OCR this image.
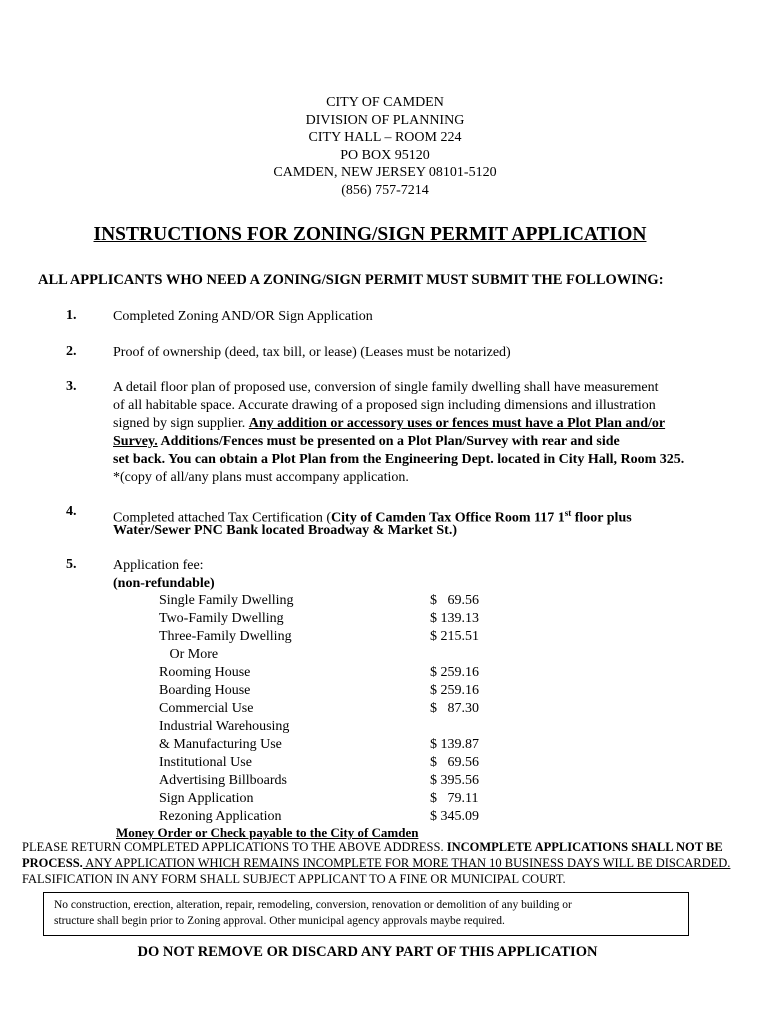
CITY OF CAMDEN
DIVISION OF PLANNING
CITY HALL – ROOM 224
PO BOX 95120
CAMDEN, NEW JERSEY 08101-5120
(856) 757-7214
INSTRUCTIONS FOR ZONING/SIGN PERMIT APPLICATION
ALL APPLICANTS WHO NEED A ZONING/SIGN PERMIT MUST SUBMIT THE FOLLOWING:
1.	Completed Zoning AND/OR Sign Application
2.	Proof of ownership (deed, tax bill, or lease) (Leases must be notarized)
3.	A detail floor plan of proposed use, conversion of single family dwelling shall have measurement
of all habitable space. Accurate drawing of a proposed sign including dimensions and illustration
signed by sign supplier. Any addition or accessory uses or fences must have a Plot Plan and/or
Survey. Additions/Fences must be presented on a Plot Plan/Survey with rear and side
set back. You can obtain a Plot Plan from the Engineering Dept. located in City Hall, Room 325.
*(copy of all/any plans must accompany application.
4.	Completed attached Tax Certification (City of Camden Tax Office Room 117 1st floor plus
Water/Sewer PNC Bank located Broadway & Market St.)
5.	Application fee:
(non-refundable)
Single Family Dwelling	$   69.56
Two-Family Dwelling	$ 139.13
Three-Family Dwelling	$ 215.51
Or More
Rooming House	$ 259.16
Boarding House	$ 259.16
Commercial Use	$   87.30
Industrial Warehousing
& Manufacturing Use	$ 139.87
Institutional Use	$   69.56
Advertising Billboards	$ 395.56
Sign Application	$   79.11
Rezoning Application	$ 345.09
Money Order or Check payable to the City of Camden
PLEASE RETURN COMPLETED APPLICATIONS TO THE ABOVE ADDRESS. INCOMPLETE APPLICATIONS SHALL NOT BE
PROCESS. ANY APPLICATION WHICH REMAINS INCOMPLETE FOR MORE THAN 10 BUSINESS DAYS WILL BE DISCARDED.
FALSIFICATION IN ANY FORM SHALL SUBJECT APPLICANT TO A FINE OR MUNICIPAL COURT.
No construction, erection, alteration, repair, remodeling, conversion, renovation or demolition of any building or
structure shall begin prior to Zoning approval. Other municipal agency approvals maybe required.
DO NOT REMOVE OR DISCARD ANY PART OF THIS APPLICATION
